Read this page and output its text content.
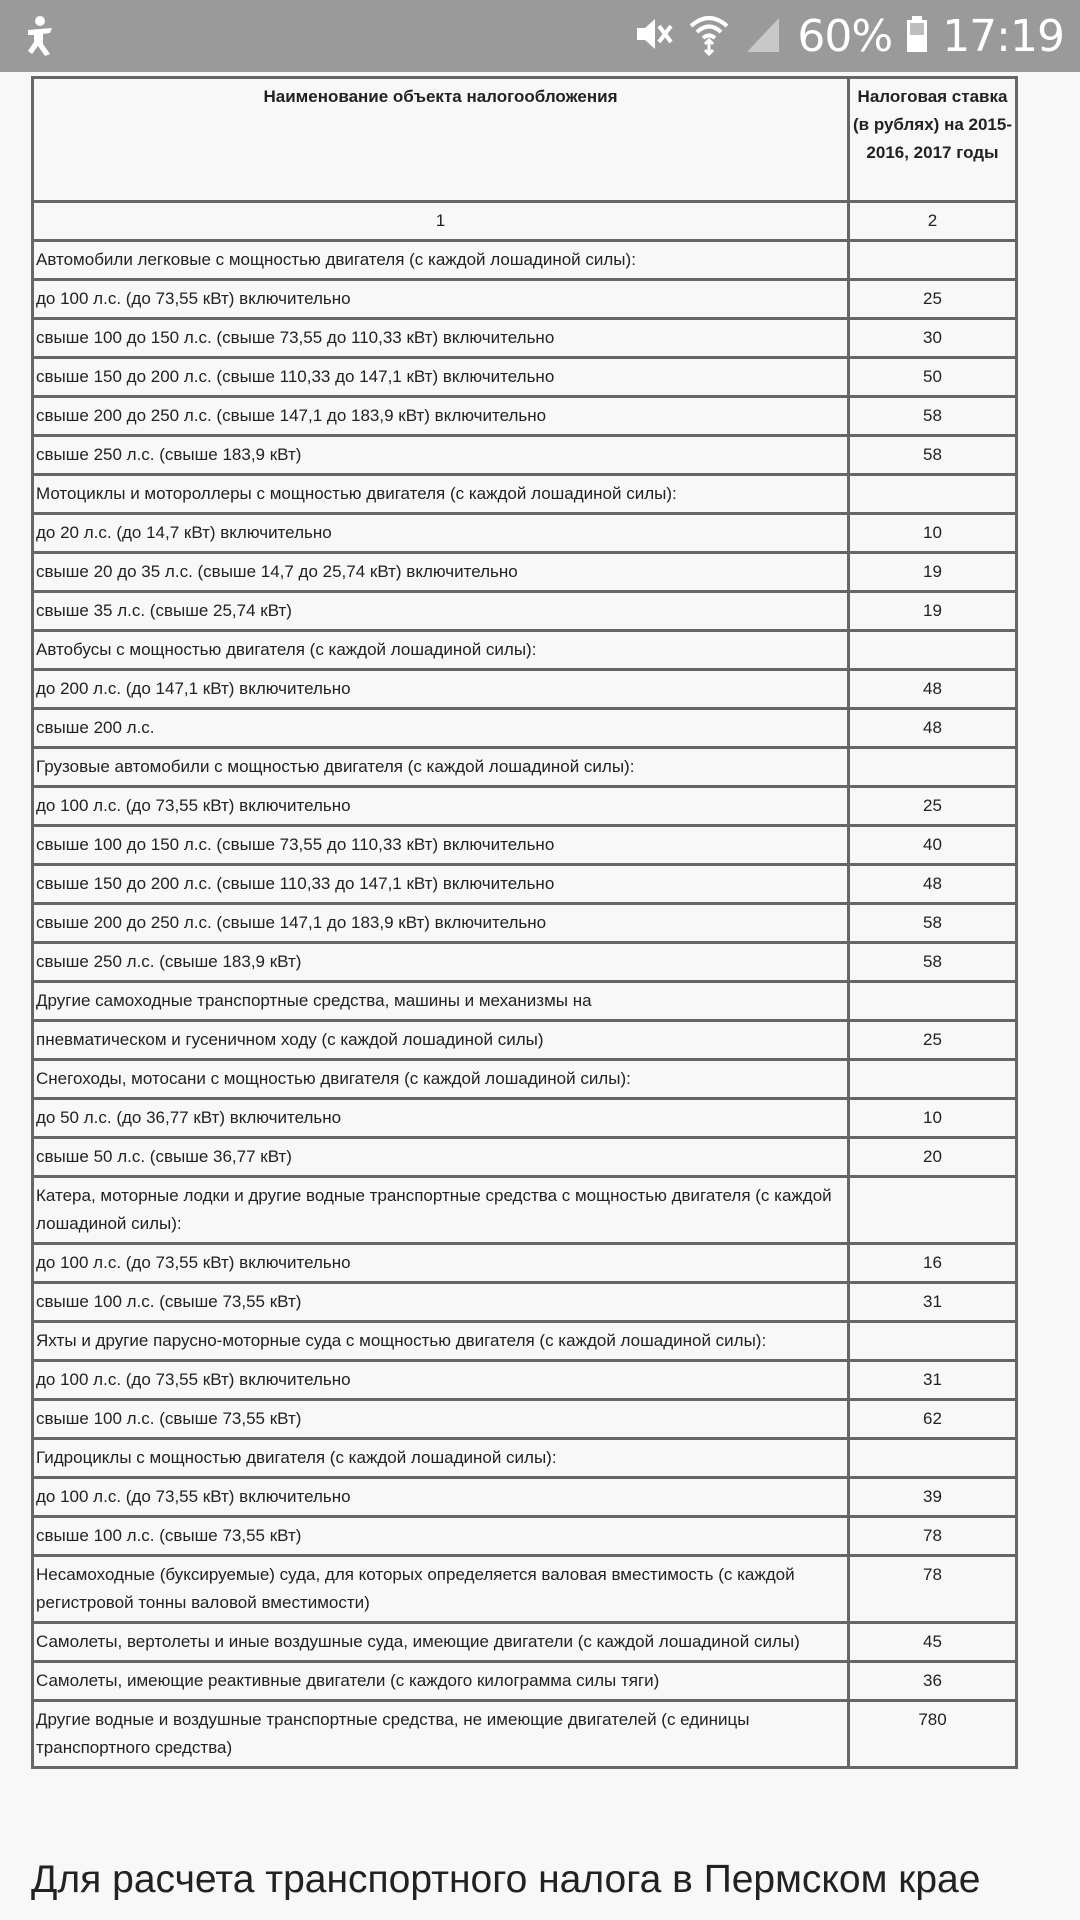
60% 17:19
Наименование объекта налогообложения	Налоговая ставка (в рублях) на 2015-2016, 2017 годы
1	2
Автомобили легковые с мощностью двигателя (с каждой лошадиной силы):	
до 100 л.с. (до 73,55 кВт) включительно	25
свыше 100 до 150 л.с. (свыше 73,55 до 110,33 кВт) включительно	30
свыше 150 до 200 л.с. (свыше 110,33 до 147,1 кВт) включительно	50
свыше 200 до 250 л.с. (свыше 147,1 до 183,9 кВт) включительно	58
свыше 250 л.с. (свыше 183,9 кВт)	58
Мотоциклы и мотороллеры с мощностью двигателя (с каждой лошадиной силы):	
до 20 л.с. (до 14,7 кВт) включительно	10
свыше 20 до 35 л.с. (свыше 14,7 до 25,74 кВт) включительно	19
свыше 35 л.с. (свыше 25,74 кВт)	19
Автобусы с мощностью двигателя (с каждой лошадиной силы):	
до 200 л.с. (до 147,1 кВт) включительно	48
свыше 200 л.с.	48
Грузовые автомобили с мощностью двигателя (с каждой лошадиной силы):	
до 100 л.с. (до 73,55 кВт) включительно	25
свыше 100 до 150 л.с. (свыше 73,55 до 110,33 кВт) включительно	40
свыше 150 до 200 л.с. (свыше 110,33 до 147,1 кВт) включительно	48
свыше 200 до 250 л.с. (свыше 147,1 до 183,9 кВт) включительно	58
свыше 250 л.с. (свыше 183,9 кВт)	58
Другие самоходные транспортные средства, машины и механизмы на	
пневматическом и гусеничном ходу (с каждой лошадиной силы)	25
Снегоходы, мотосани с мощностью двигателя (с каждой лошадиной силы):	
до 50 л.с. (до 36,77 кВт) включительно	10
свыше 50 л.с. (свыше 36,77 кВт)	20
Катера, моторные лодки и другие водные транспортные средства с мощностью двигателя (с каждой лошадиной силы):	
до 100 л.с. (до 73,55 кВт) включительно	16
свыше 100 л.с. (свыше 73,55 кВт)	31
Яхты и другие парусно-моторные суда с мощностью двигателя (с каждой лошадиной силы):	
до 100 л.с. (до 73,55 кВт) включительно	31
свыше 100 л.с. (свыше 73,55 кВт)	62
Гидроциклы с мощностью двигателя (с каждой лошадиной силы):	
до 100 л.с. (до 73,55 кВт) включительно	39
свыше 100 л.с. (свыше 73,55 кВт)	78
Несамоходные (буксируемые) суда, для которых определяется валовая вместимость (с каждой регистровой тонны валовой вместимости)	78
Самолеты, вертолеты и иные воздушные суда, имеющие двигатели (с каждой лошадиной силы)	45
Самолеты, имеющие реактивные двигатели (с каждого килограмма силы тяги)	36
Другие водные и воздушные транспортные средства, не имеющие двигателей (с единицы транспортного средства)	780
Для расчета транспортного налога в Пермском крае
